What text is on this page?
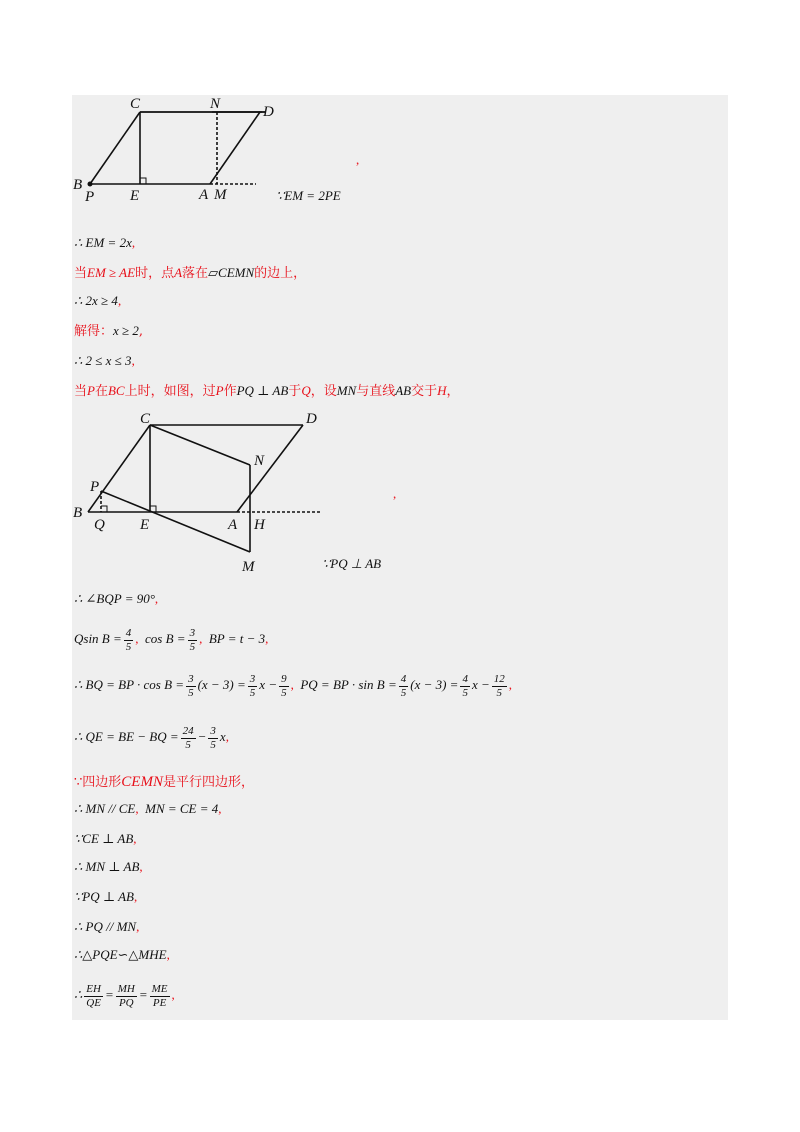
C	N	D
B
P E	A M
,
∵EM = 2PE
∴ EM = 2x,
当EM ≥ AE时，点A落在▱CEMN的边上，
∴ 2x ≥ 4,
解得：x ≥ 2,
∴ 2 ≤ x ≤ 3,
当P在BC上时，如图，过P作PQ ⊥ AB于Q，设MN与直线AB交于H，
C	D
N
P
B
Q E	A H
M
,
∵PQ ⊥ AB
∴ ∠BQP = 90°,
Qsin $B = \frac{4}{5}$ , $\cos B = \frac{3}{5}$ , BP = t − 3,
∴ BQ = BP · $\cos B = \frac{3}{5} (x - 3) = \frac{3}{5}$ $x - \frac{9}{5}$ , PQ = BP · $\sin B = \frac{4}{5} (x - 3) = \frac{4}{5}$ $x - \frac{12}{5}$ ,
∴ QE = BE − BQ = $\frac{24}{5} - \frac{3}{5} x$,
∵四边形CEMN是平行四边形，
∴ MN // CE, MN = CE = 4,
∵CE ⊥ AB,
∴ MN ⊥ AB,
∵PQ ⊥ AB,
∴ PQ // MN,
∴△PQE∽△MHE,
∴ $\frac{EH}{QE} = \frac{MH}{PQ} = \frac{ME}{PE}$ ,
